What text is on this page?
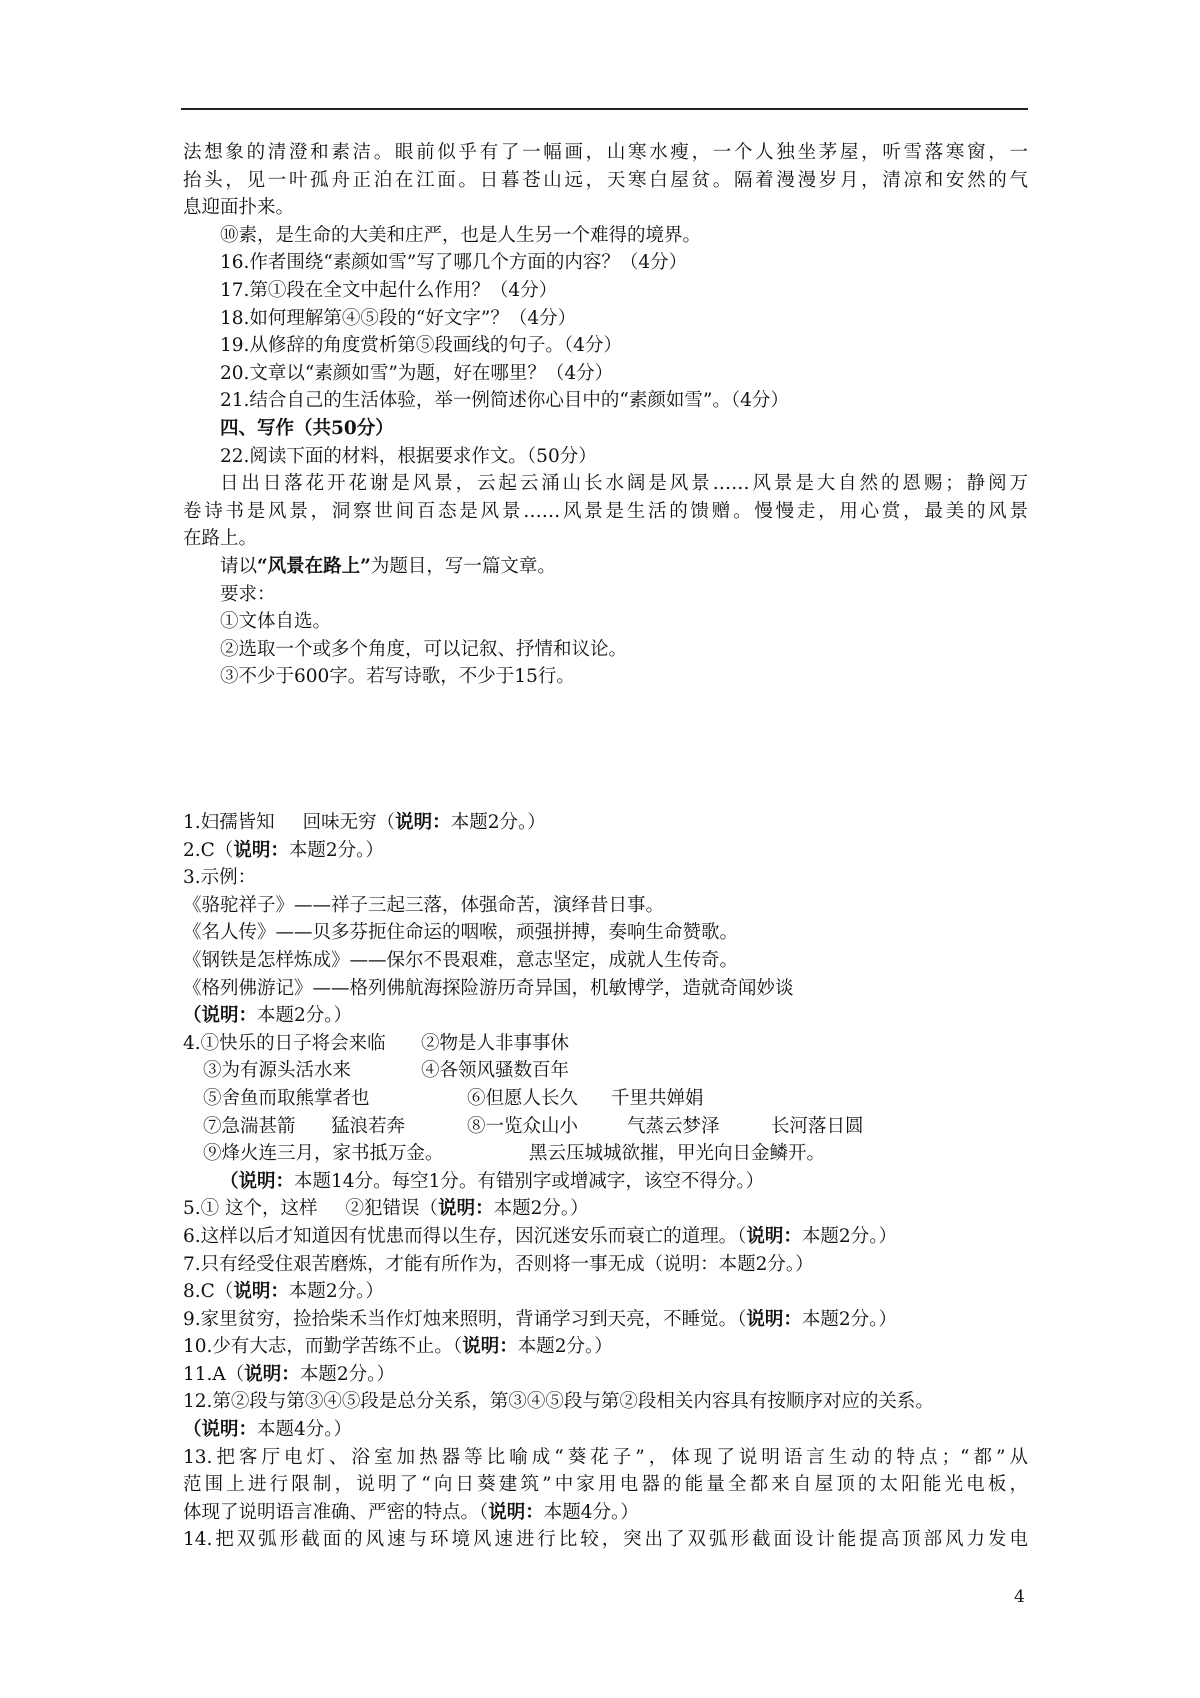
法想象的清澄和素洁。眼前似乎有了一幅画，山寒水瘦，一个人独坐茅屋，听雪落寒窗，一
抬头，见一叶孤舟正泊在江面。日暮苍山远，天寒白屋贫。隔着漫漫岁月，清凉和安然的气
息迎面扑来。
⑩素，是生命的大美和庄严，也是人生另一个难得的境界。
16.作者围绕“素颜如雪”写了哪几个方面的内容？（4分）
17.第①段在全文中起什么作用？（4分）
18.如何理解第④⑤段的“好文字”？（4分）
19.从修辞的角度赏析第⑤段画线的句子。（4分）
20.文章以“素颜如雪”为题，好在哪里？（4分）
21.结合自己的生活体验，举一例简述你心目中的“素颜如雪”。（4分）
四、写作（共50分）
22.阅读下面的材料，根据要求作文。（50分）
日出日落花开花谢是风景，云起云涌山长水阔是风景……风景是大自然的恩赐；静阅万
卷诗书是风景，洞察世间百态是风景……风景是生活的馈赠。慢慢走，用心赏，最美的风景
在路上。
请以“风景在路上”为题目，写一篇文章。
要求：
①文体自选。
②选取一个或多个角度，可以记叙、抒情和议论。
③不少于600字。若写诗歌，不少于15行。
1.妇孺皆知 回味无穷（说明：本题2分。）
2.C（说明：本题2分。）
3.示例：
《骆驼祥子》——祥子三起三落，体强命苦，演绎昔日事。
《名人传》——贝多芬扼住命运的咽喉，顽强拼搏，奏响生命赞歌。
《钢铁是怎样炼成》——保尔不畏艰难，意志坚定，成就人生传奇。
《格列佛游记》——格列佛航海探险游历奇异国，机敏博学，造就奇闻妙谈
（说明：本题2分。）
4.①快乐的日子将会来临 ②物是人非事事休
③为有源头活水来	④各领风骚数百年
⑤舍鱼而取熊掌者也	⑥但愿人长久 千里共婵娟
⑦急湍甚箭 猛浪若奔	⑧一览众山小	气蒸云梦泽	长河落日圆
⑨烽火连三月，家书抵万金。	黑云压城城欲摧，甲光向日金鳞开。
（说明：本题14分。每空1分。有错别字或增减字，该空不得分。）
5.① 这个，这样 ②犯错误（说明：本题2分。）
6.这样以后才知道因有忧患而得以生存，因沉迷安乐而衰亡的道理。（说明：本题2分。）
7.只有经受住艰苦磨炼，才能有所作为，否则将一事无成（说明：本题2分。）
8.C（说明：本题2分。）
9.家里贫穷，捡拾柴禾当作灯烛来照明，背诵学习到天亮，不睡觉。（说明：本题2分。）
10.少有大志，而勤学苦练不止。（说明：本题2分。）
11.A（说明：本题2分。）
12.第②段与第③④⑤段是总分关系，第③④⑤段与第②段相关内容具有按顺序对应的关系。
（说明：本题4分。）
13.把客厅电灯、浴室加热器等比喻成“葵花子”，体现了说明语言生动的特点；“都”从
范围上进行限制，说明了“向日葵建筑”中家用电器的能量全都来自屋顶的太阳能光电板，
体现了说明语言准确、严密的特点。（说明：本题4分。）
14.把双弧形截面的风速与环境风速进行比较，突出了双弧形截面设计能提高顶部风力发电
4
